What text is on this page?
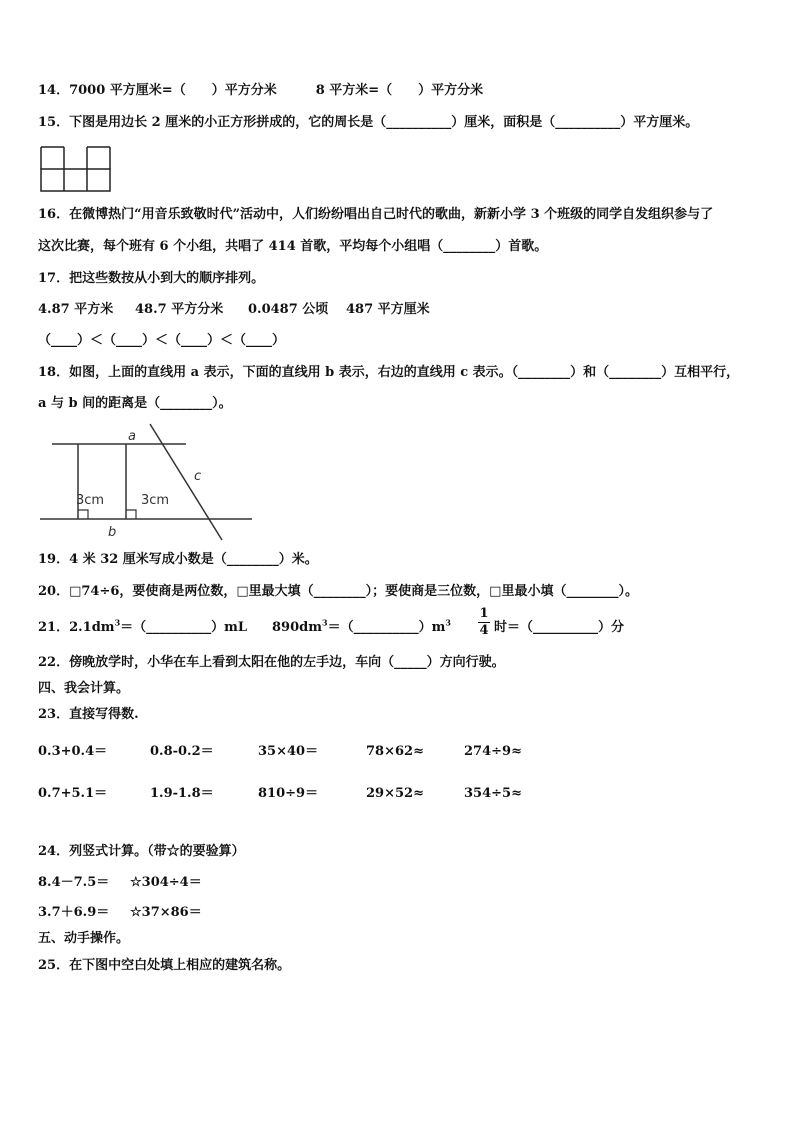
14．7000 平方厘米=（　　）平方分米　　　8 平方米=（　　）平方分米
15．下图是用边长 2 厘米的小正方形拼成的，它的周长是（__________）厘米，面积是（__________）平方厘米。
16．在微博热门“用音乐致敬时代”活动中，人们纷纷唱出自己时代的歌曲，新新小学 3 个班级的同学自发组织参与了
这次比赛，每个班有 6 个小组，共唱了 414 首歌，平均每个小组唱（________）首歌。
17．把这些数按从小到大的顺序排列。
4.87 平方米 48.7 平方分米 0.0487 公顷 487 平方厘米
（____）＜（____）＜（____）＜（____）
18．如图，上面的直线用 a 表示，下面的直线用 b 表示，右边的直线用 c 表示。（________）和（________）互相平行，
a 与 b 间的距离是（________）。
a
b
c
3cm	3cm
19．4 米 32 厘米写成小数是（________）米。
20．□74÷6，要使商是两位数，□里最大填（________）；要使商是三位数，□里最小填（________）。
21．$2.1dm^3=(\_\_\_\_\_\_\_\_\_\_)mL$ $890dm^3=(\_\_\_\_\_\_\_\_\_\_)m^3$
1
4 时＝（__________）分
22．傍晚放学时，小华在车上看到太阳在他的左手边，车向（_____）方向行驶。
四、我会计算。
23．直接写得数.
0.3+0.4＝	0.8-0.2＝	35×40＝	78×62≈	274÷9≈
0.7+5.1＝	1.9-1.8＝	810÷9＝	29×52≈	354÷5≈
24．列竖式计算。（带☆的要验算）
8.4－7.5＝ ☆304÷4＝
3.7＋6.9＝ ☆37×86＝
五、动手操作。
25．在下图中空白处填上相应的建筑名称。
